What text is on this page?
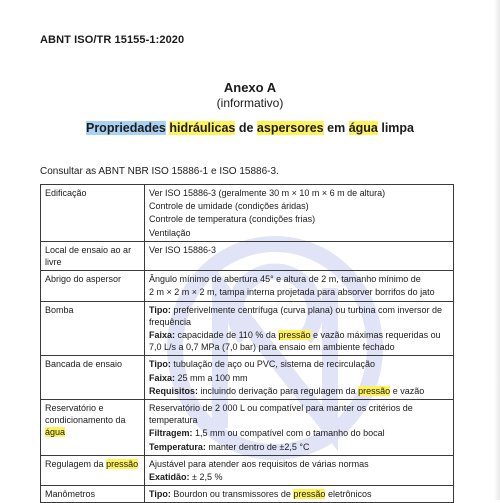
ABNT ISO/TR 15155-1:2020
Anexo A
(informativo)
Propriedades hidráulicas de aspersores em água limpa
Consultar as ABNT NBR ISO 15886-1 e ISO 15886-3.
Edificação	Ver ISO 15886-3 (geralmente 30 m × 10 m × 6 m de altura)
Controle de umidade (condições áridas)
Controle de temperatura (condições frias)
Ventilação

Local de ensaio ao ar livre	Ver ISO 15886-3

Abrigo do aspersor	Ângulo mínimo de abertura 45° e altura de 2 m, tamanho mínimo de
2 m × 2 m × 2 m, tampa interna projetada para absorver borrifos do jato

Bomba	Tipo: preferivelmente centrífuga (curva plana) ou turbina com inversor de frequência
Faixa: capacidade de 110 % da pressão e vazão máximas requeridas ou 7,0 L/s a 0,7 MPa (7,0 bar) para ensaio em ambiente fechado

Bancada de ensaio	Tipo: tubulação de aço ou PVC, sistema de recirculação
Faixa: 25 mm a 100 mm
Requisitos: incluindo derivação para regulagem da pressão e vazão

Reservatório e condicionamento da água	Reservatório de 2 000 L ou compatível para manter os critérios de temperatura
Filtragem: 1,5 mm ou compatível com o tamanho do bocal
Temperatura: manter dentro de ±2,5 °C

Regulagem da pressão	Ajustável para atender aos requisitos de várias normas
Exatidão: ± 2,5 %

Manômetros	Tipo: Bourdon ou transmissores de pressão eletrônicos
